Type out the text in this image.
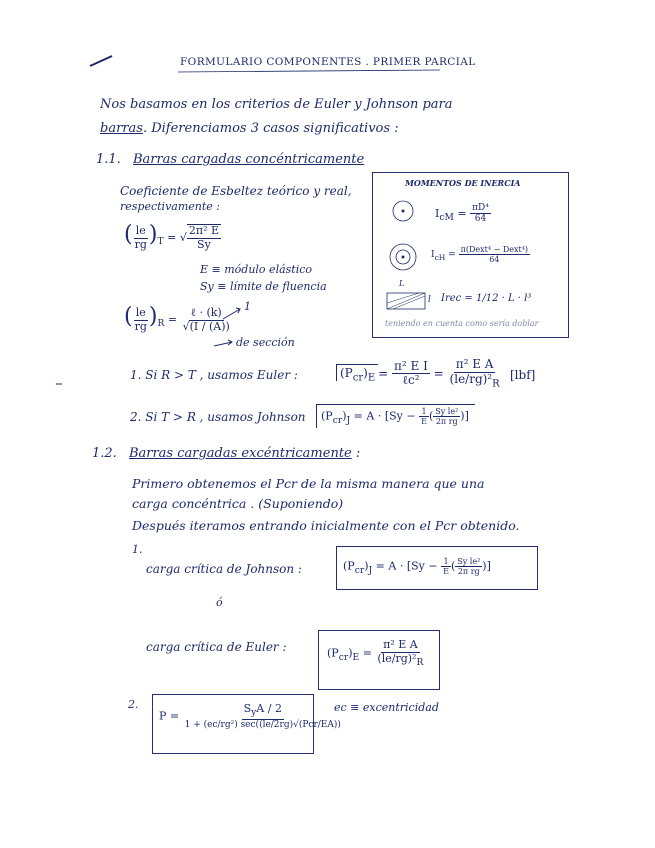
FORMULARIO COMPONENTES . PRIMER PARCIAL
Nos basamos en los criterios de Euler y Johnson para
barras. Diferenciamos 3 casos significativos :
1.1. Barras cargadas concéntricamente
Coeficiente de Esbeltez teórico y real,
respectivamente :
( $\frac{le}{rg} )_T$ = √ $\frac{\text{2π² E}}{Sy}$
E ≡ módulo elástico
Sy ≡ límite de fluencia
( $\frac{le}{rg} )_R = \frac{\text{ℓ · (k)}}{√(I / (A))}$
1
de sección
MOMENTOS DE INERCIA
$I_{cM} = \frac{\text{πD⁴}}{64}$
$I_{cH} = \frac{\text{π(Dext⁴ − Dext⁴)}}{64}$
L
l Irec = 1/12 · L · l³
teniendo en cuenta como sería doblar
1. Si R > T , usamos Euler :	$(P_{cr})_E = \frac{\text{π² E I}}{\text{ℓc²}} = \frac{\text{π² E A}}{(le/rg)^2_R} [lbf]$
2. Si T > R , usamos Johnson	$(P_{cr})_J = A \cdot [Sy - \frac{1}{E}$ ( $\frac{\text{Sy le²}}{\text{2π rg}}$ )]
1.2. Barras cargadas excéntricamente :
Primero obtenemos el Pcr de la misma manera que una
carga concéntrica . (Suponiendo)
Después iteramos entrando inicialmente con el Pcr obtenido.
1.
carga crítica de Johnson :	$(P_{cr})_J = A \cdot [Sy - \frac{1}{E}$ ( $\frac{\text{Sy le²}}{\text{2π rg}}$ )]
ó
carga crítica de Euler :	$(P_{cr})_E = \frac{\text{π² E A}}{(le/rg)^2_R}$
2.
$P = \frac{S_yA / 2}{\text{1 + (ec/rg²) sec((le/2rg)√(Pcr/EA))}}$
ec ≡ excentricidad
